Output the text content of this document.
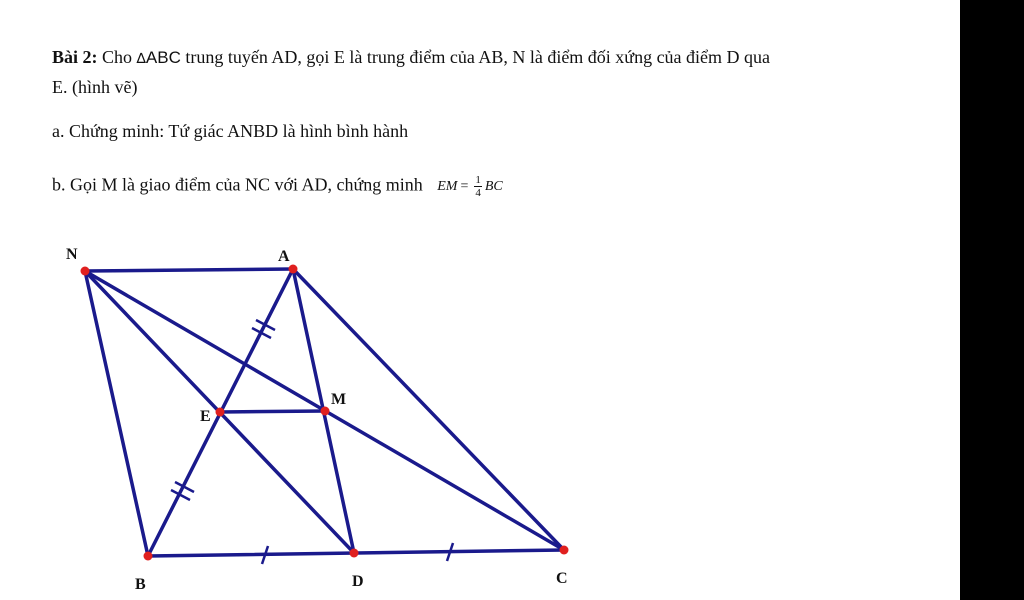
Bài 2: Cho ∆ABC trung tuyến AD, gọi E là trung điểm của AB, N là điểm đối xứng của điểm D qua
E. (hình vẽ)
a. Chứng minh: Tứ giác ANBD là hình bình hành
b. Gọi M là giao điểm của NC với AD, chứng minh EM = $\frac{1}{4}$ BC
N	A
M
E
B	D	C
